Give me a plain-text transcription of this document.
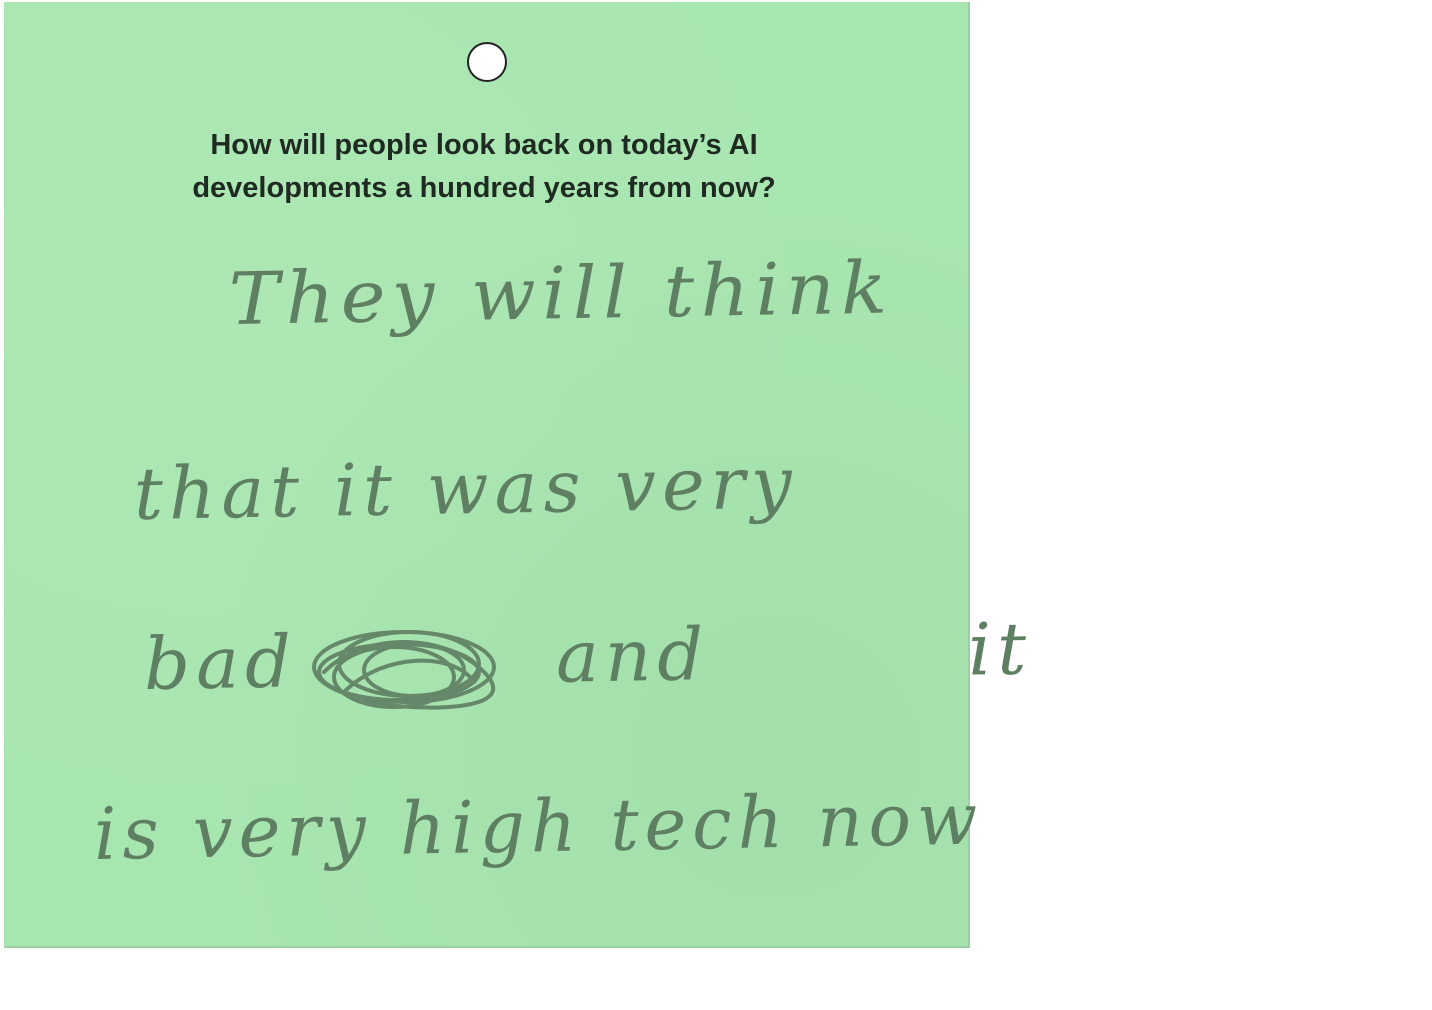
How will people look back on today’s AI
developments a hundred years from now?
They will think
that it was very
bad and it
is very high tech now
